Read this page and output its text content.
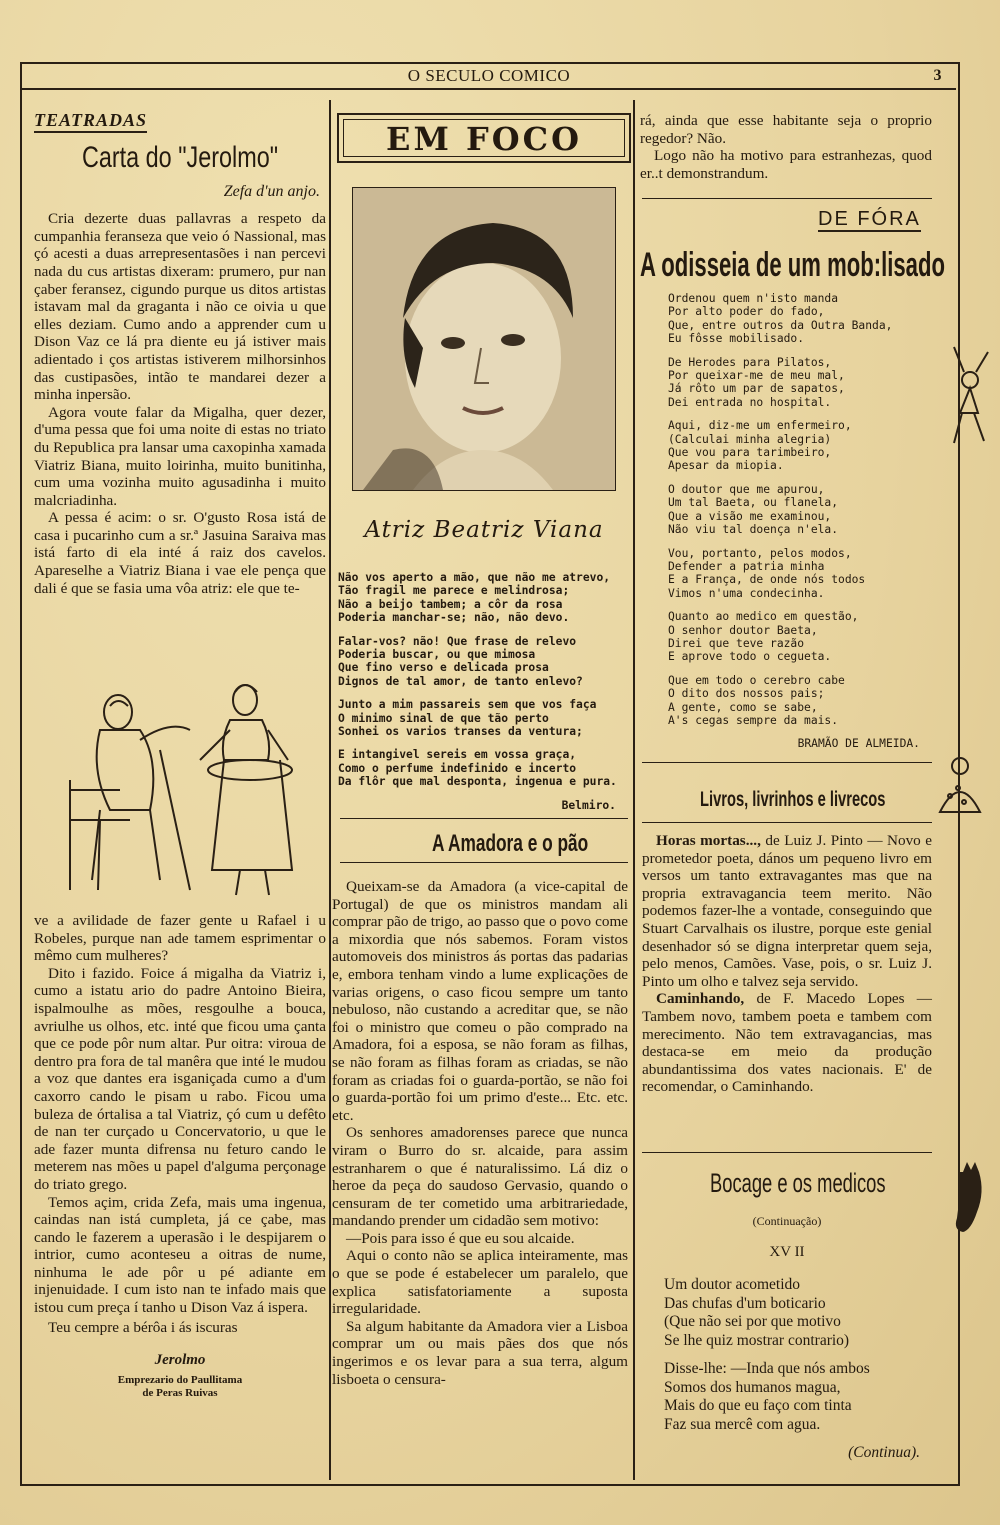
O SECULO COMICO	3
TEATRADAS
Carta do "Jerolmo"
Zefa d'un anjo.

Cria dezerte duas pallavras a respeto da cumpanhia feranseza que veio ó Nassional, mas çó acesti a duas arrepresentasões i nan percevi nada du cus artistas dixeram: prumero, pur nan çaber feransez, cigundo purque us ditos artistas istavam mal da graganta i não ce oivia u que elles deziam. Cumo ando a apprender cum u Dison Vaz ce lá pra diente eu já istiver mais adientado i ços artistas istiverem milhorsinhos das custipasões, intão te mandarei dezer a minha inpersão.

Agora voute falar da Migalha, quer dezer, d'uma pessa que foi uma noite di estas no triato du Republica pra lansar uma caxopinha xamada Viatriz Biana, muito loirinha, muito bunitinha, cum uma vozinha muito agusadinha i muito malcriadinha.

A pessa é acim: o sr. O'gusto Rosa istá de casa i pucarinho cum a sr.ª Jasuina Saraiva mas istá farto di ela inté á raiz dos cavelos. Apareselhe a Viatriz Biana i vae ele pença que dali é que se fasia uma vôa atriz: ele que te-

ve a avilidade de fazer gente u Rafael i u Robeles, purque nan ade tamem esprimentar o mêmo cum mulheres?

Dito i fazido. Foice á migalha da Viatriz i, cumo a istatu ario do padre Antoino Bieira, ispalmoulhe as mões, resgoulhe a bouca, avriulhe us olhos, etc. inté que ficou uma çanta que ce pode pôr num altar. Pur oitra: viroua de dentro pra fora de tal manêra que inté le mudou a voz que dantes era isganiçada cumo a d'um caxorro cando le pisam u rabo. Ficou uma buleza de órtalisa a tal Viatriz, çó cum u defêto de nan ter curçado u Concervatorio, u que le ade fazer munta difrensa nu feturo cando le meterem nas mões u papel d'alguma perçonage do triato grego.

Temos açim, crida Zefa, mais uma ingenua, caindas nan istá cumpleta, já ce çabe, mas cando le fazerem a uperasão i le despijarem o intrior, cumo aconteseu a oitras de nume, ninhuma le ade pôr u pé adiante em injenuidade. I cum isto nan te infado mais que istou cum preça í tanho u Dison Vaz á ispera.

Teu cempre a bérôa i ás iscuras

Jerolmo
Emprezario do Paullitama
de Peras Ruivas
EM FOCO
Atriz Beatriz Viana
Não vos aperto a mão, que não me atrevo,
Tão fragil me parece e melindrosa;
Não a beijo tambem; a côr da rosa
Poderia manchar-se; não, não devo.
Falar-vos? não! Que frase de relevo
Poderia buscar, ou que mimosa
Que fino verso e delicada prosa
Dignos de tal amor, de tanto enlevo?
Junto a mim passareis sem que vos faça
O minimo sinal de que tão perto
Sonhei os varios transes da ventura;
E intangivel sereis em vossa graça,
Como o perfume indefinido e incerto
Da flôr que mal desponta, ingenua e pura.
Belmiro.
A Amadora e o pão

Queixam-se da Amadora (a vice-capital de Portugal) de que os ministros mandam ali comprar pão de trigo, ao passo que o povo come a mixordia que nós sabemos. Foram vistos automoveis dos ministros ás portas das padarias e, embora tenham vindo a lume explicações de varias origens, o caso ficou sempre um tanto nebuloso, não custando a acreditar que, se não foi o ministro que comeu o pão comprado na Amadora, foi a esposa, se não foram as filhas, se não foram as filhas foram as criadas, se não foram as criadas foi o guarda-portão, se não foi o guarda-portão foi um primo d'este... Etc. etc. etc.

Os senhores amadorenses parece que nunca viram o Burro do sr. alcaide, para assim estranharem o que é naturalissimo. Lá diz o heroe da peça do saudoso Gervasio, quando o censuram de ter cometido uma arbitrariedade, mandando prender um cidadão sem motivo:

—Pois para isso é que eu sou alcaide.

Aqui o conto não se aplica inteiramente, mas o que se pode é estabelecer um paralelo, que explica satisfatoriamente a suposta irregularidade.

Sa algum habitante da Amadora vier a Lisboa comprar um ou mais pães dos que nós ingerimos e os levar para a sua terra, algum lisboeta o censura-

rá, ainda que esse habitante seja o proprio regedor? Não.

Logo não ha motivo para estranhezas, quod er..t demonstrandum.

DE FÓRA
A odisseia de um mob:lisado
Ordenou quem n'isto manda
Por alto poder do fado,
Que, entre outros da Outra Banda,
Eu fôsse mobilisado.
De Herodes para Pilatos,
Por queixar-me de meu mal,
Já rôto um par de sapatos,
Dei entrada no hospital.
Aqui, diz-me um enfermeiro,
(Calculai minha alegria)
Que vou para tarimbeiro,
Apesar da miopia.
O doutor que me apurou,
Um tal Baeta, ou flanela,
Que a visão me examinou,
Não viu tal doença n'ela.
Vou, portanto, pelos modos,
Defender a patria minha
E a França, de onde nós todos
Vimos n'uma condecinha.
Quanto ao medico em questão,
O senhor doutor Baeta,
Direi que teve razão
E aprove todo o cegueta.
Que em todo o cerebro cabe
O dito dos nossos pais;
A gente, como se sabe,
A's cegas sempre da mais.
BRAMÃO DE ALMEIDA.
Livros, livrinhos e livrecos

Horas mortas..., de Luiz J. Pinto — Novo e prometedor poeta, dános um pequeno livro em versos um tanto extravagantes mas que na propria extravagancia teem merito. Não podemos fazer-lhe a vontade, conseguindo que Stuart Carvalhais os ilustre, porque este genial desenhador só se digna interpretar quem seja, pelo menos, Camões. Vase, pois, o sr. Luiz J. Pinto um olho e talvez seja servido.

Caminhando, de F. Macedo Lopes —Tambem novo, tambem poeta e tambem com merecimento. Não tem extravagancias, mas destaca-se em meio da produção abundantissima dos vates nacionais. E' de recomendar, o Caminhando.

Bocage e os medicos
(Continuação)
XV II
Um doutor acometido
Das chufas d'um boticario
(Que não sei por que motivo
Se lhe quiz mostrar contrario)
Disse-lhe: —Inda que nós ambos
Somos dos humanos magua,
Mais do que eu faço com tinta
Faz sua mercê com agua.
(Continua).
